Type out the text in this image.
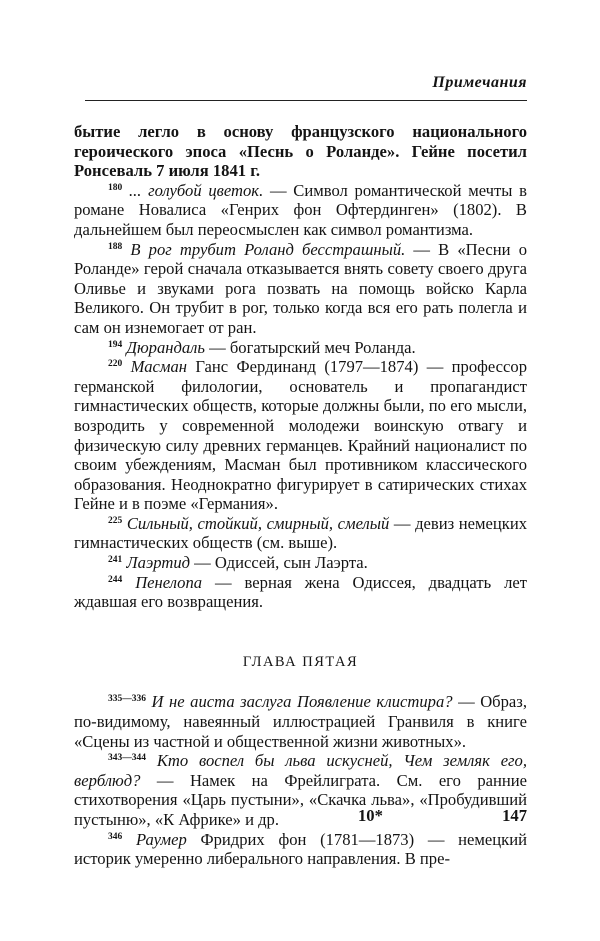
Примечания

бытие легло в основу французского национального героического эпоса «Песнь о Роланде». Гейне посетил Ронсеваль 7 июля 1841 г.

$^{180}$ ... голубой цветок. — Символ романтической мечты в романе Новалиса «Генрих фон Офтердинген» (1802). В дальнейшем был переосмыслен как символ романтизма.

$^{188}$ В рог трубит Роланд бесстрашный. — В «Песни о Роланде» герой сначала отказывается внять совету своего друга Оливье и звуками рога позвать на помощь войско Карла Великого. Он трубит в рог, только когда вся его рать полегла и сам он изнемогает от ран.

$^{194}$ Дюрандаль — богатырский меч Роланда.

$^{220}$ Масман Ганс Фердинанд (1797—1874) — профессор германской филологии, основатель и пропагандист гимнастических обществ, которые должны были, по его мысли, возродить у современной молодежи воинскую отвагу и физическую силу древних германцев. Крайний националист по своим убеждениям, Масман был противником классического образования. Неоднократно фигурирует в сатирических стихах Гейне и в поэме «Германия».

$^{225}$ Сильный, стойкий, смирный, смелый — девиз немецких гимнастических обществ (см. выше).

$^{241}$ Лаэртид — Одиссей, сын Лаэрта.

$^{244}$ Пенелопа — верная жена Одиссея, двадцать лет ждавшая его возвращения.

ГЛАВА ПЯТАЯ

$^{335—336}$ И не аиста заслуга Появление клистира? — Образ, по-видимому, навеянный иллюстрацией Гранвиля в книге «Сцены из частной и общественной жизни животных».

$^{343—344}$ Кто воспел бы льва искусней, Чем земляк его, верблюд? — Намек на Фрейлиграта. См. его ранние стихотворения «Царь пустыни», «Скачка льва», «Пробудивший пустыню», «К Африке» и др.

$^{346}$ Раумер Фридрих фон (1781—1873) — немецкий историк умеренно либерального направления. В пре-

10*	147
